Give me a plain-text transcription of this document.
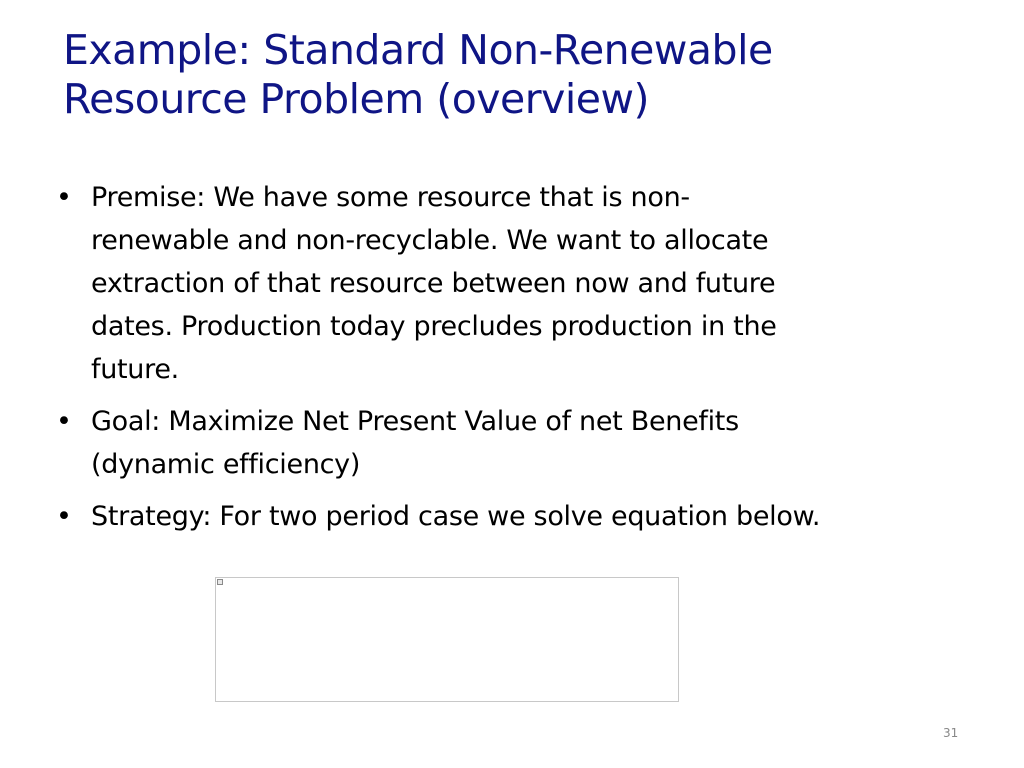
Example: Standard Non-Renewable
Resource Problem (overview)
• Premise: We have some resource that is non-
renewable and non-recyclable. We want to allocate
extraction of that resource between now and future
dates. Production today precludes production in the
future.
• Goal: Maximize Net Present Value of net Benefits
(dynamic efficiency)
• Strategy: For two period case we solve equation below.
31
